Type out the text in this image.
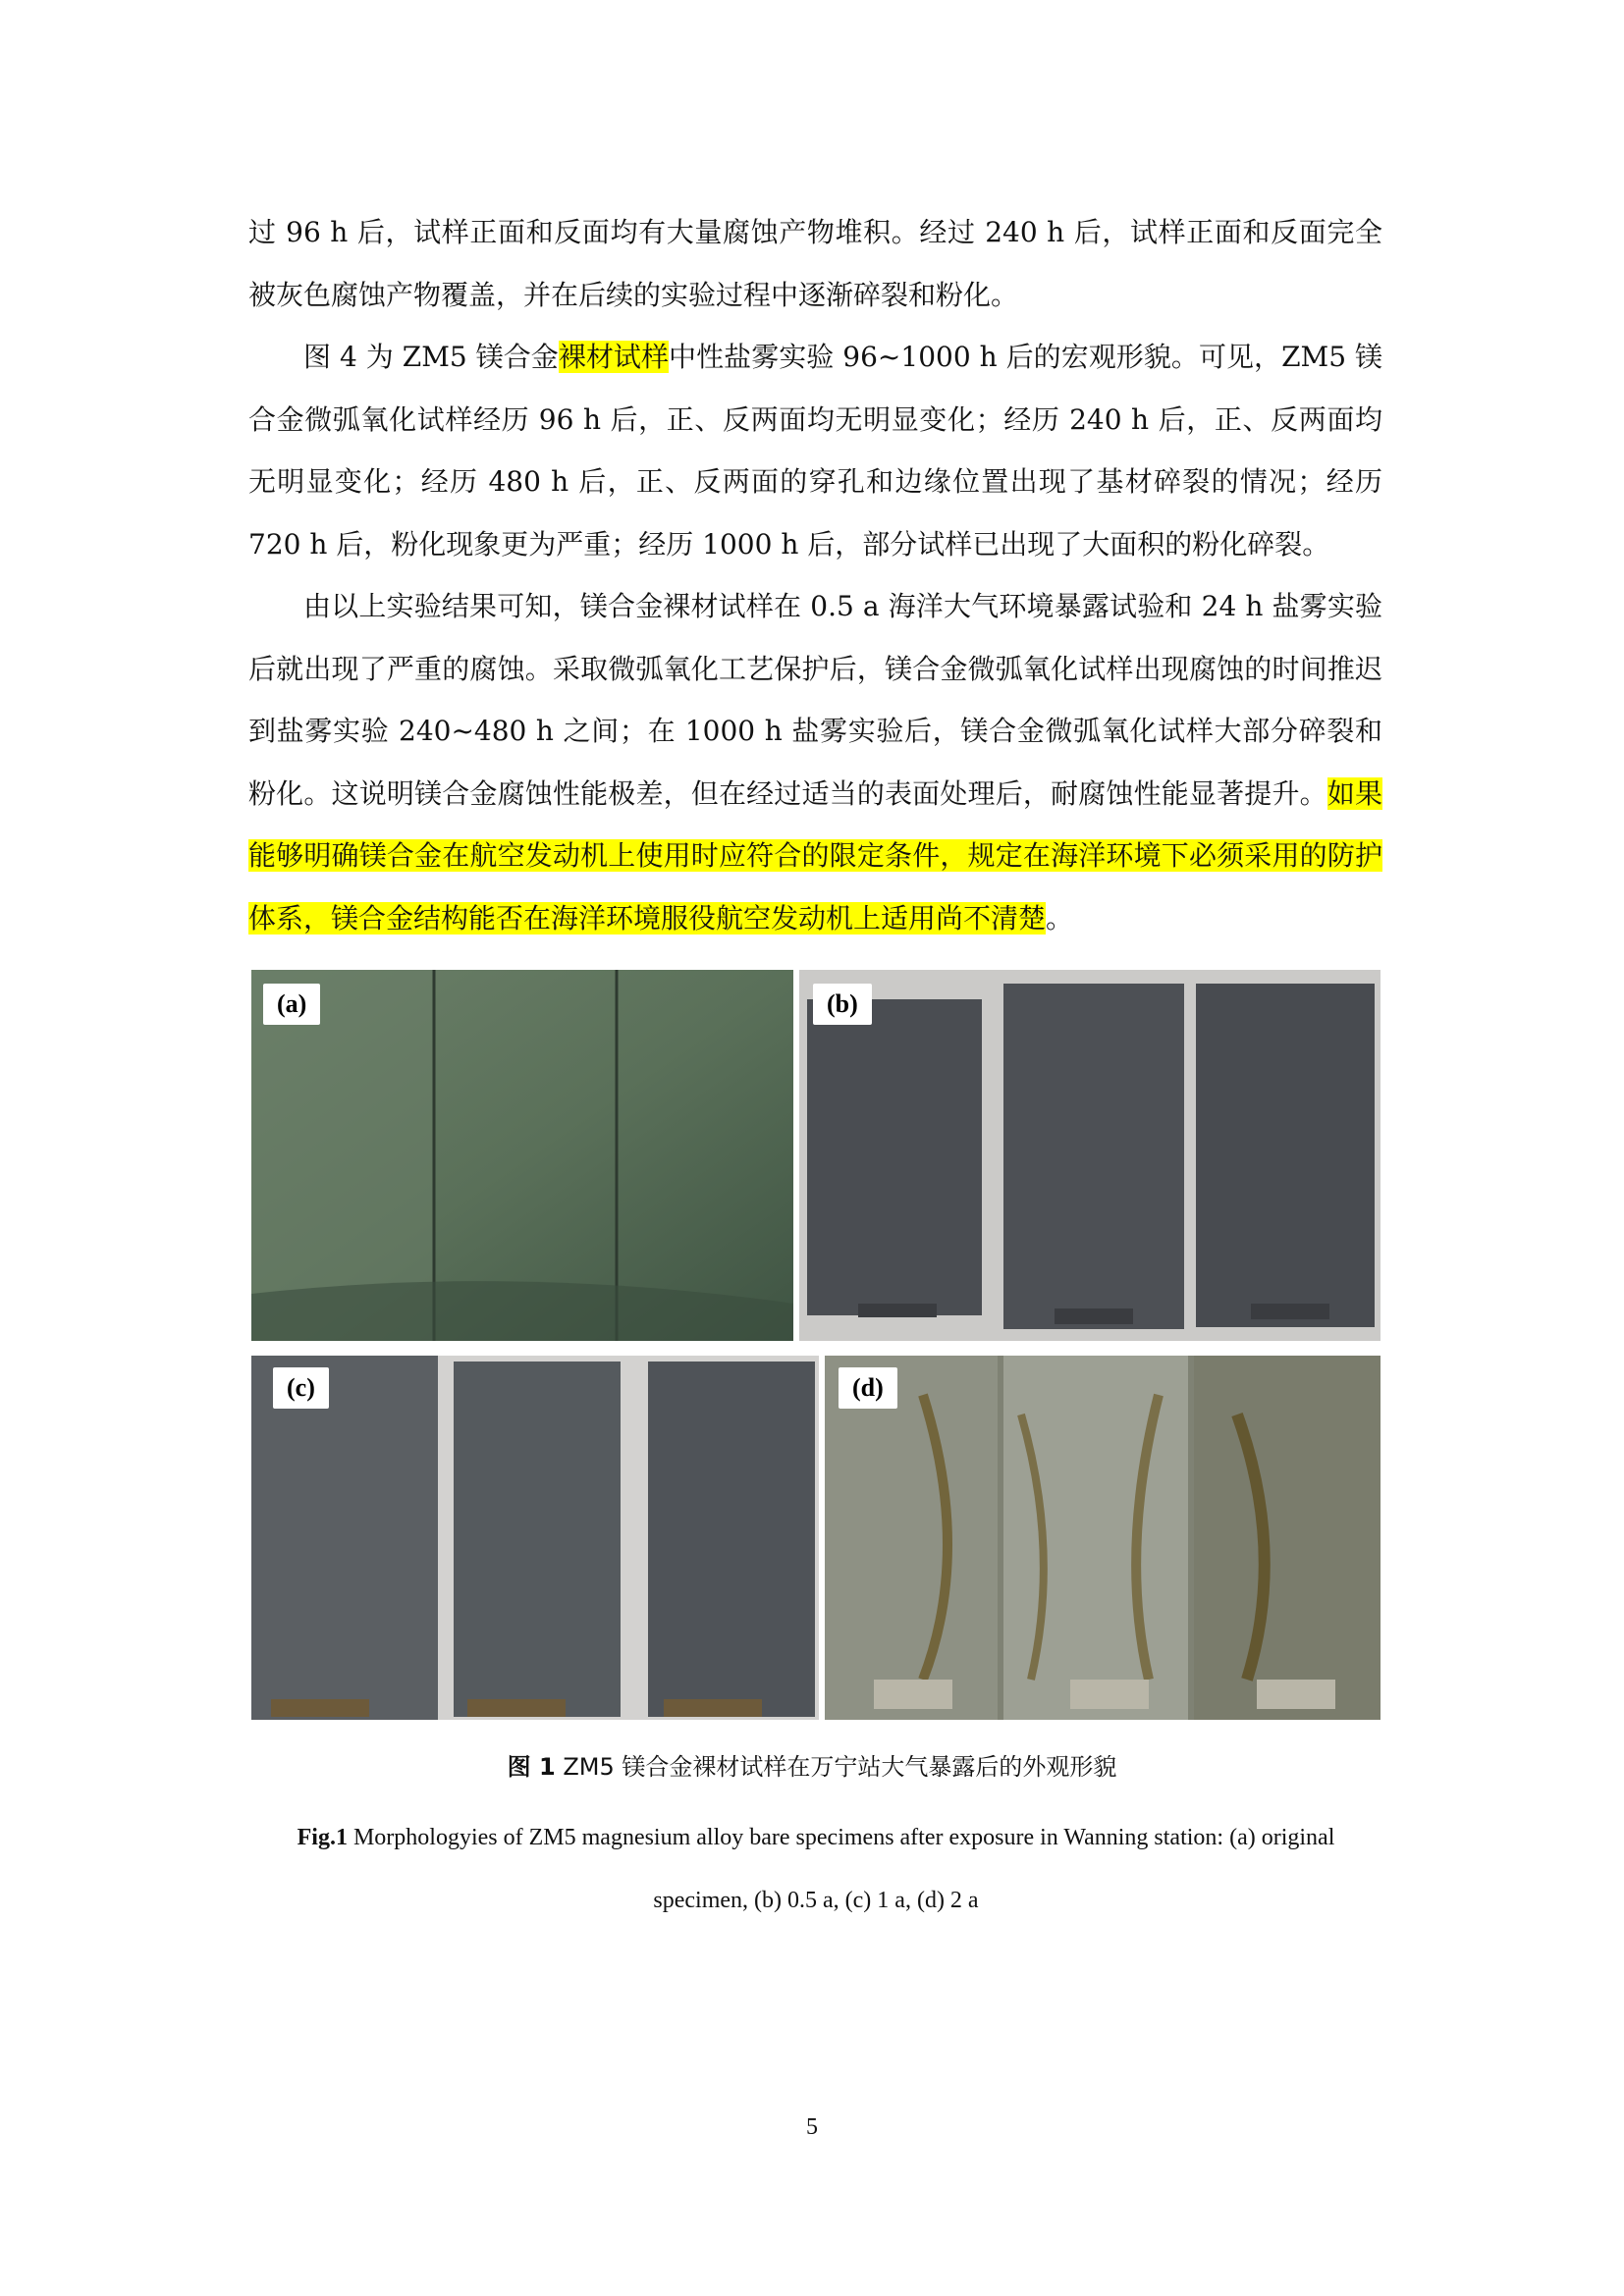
过 96 h 后，试样正面和反面均有大量腐蚀产物堆积。经过 240 h 后，试样正面和反面完全被灰色腐蚀产物覆盖，并在后续的实验过程中逐渐碎裂和粉化。

图 4 为 ZM5 镁合金裸材试样中性盐雾实验 96~1000 h 后的宏观形貌。可见，ZM5 镁合金微弧氧化试样经历 96 h 后，正、反两面均无明显变化；经历 240 h 后，正、反两面均无明显变化；经历 480 h 后，正、反两面的穿孔和边缘位置出现了基材碎裂的情况；经历 720 h 后，粉化现象更为严重；经历 1000 h 后，部分试样已出现了大面积的粉化碎裂。

由以上实验结果可知，镁合金裸材试样在 0.5 a 海洋大气环境暴露试验和 24 h 盐雾实验后就出现了严重的腐蚀。采取微弧氧化工艺保护后，镁合金微弧氧化试样出现腐蚀的时间推迟到盐雾实验 240~480 h 之间；在 1000 h 盐雾实验后，镁合金微弧氧化试样大部分碎裂和粉化。这说明镁合金腐蚀性能极差，但在经过适当的表面处理后，耐腐蚀性能显著提升。如果能够明确镁合金在航空发动机上使用时应符合的限定条件，规定在海洋环境下必须采用的防护体系，镁合金结构能否在海洋环境服役航空发动机上适用尚不清楚。

(a)	(b)
(c)	(d)
图 1 ZM5 镁合金裸材试样在万宁站大气暴露后的外观形貌
Fig.1 Morphologyies of ZM5 magnesium alloy bare specimens after exposure in Wanning station: (a) original specimen, (b) 0.5 a, (c) 1 a, (d) 2 a
5
